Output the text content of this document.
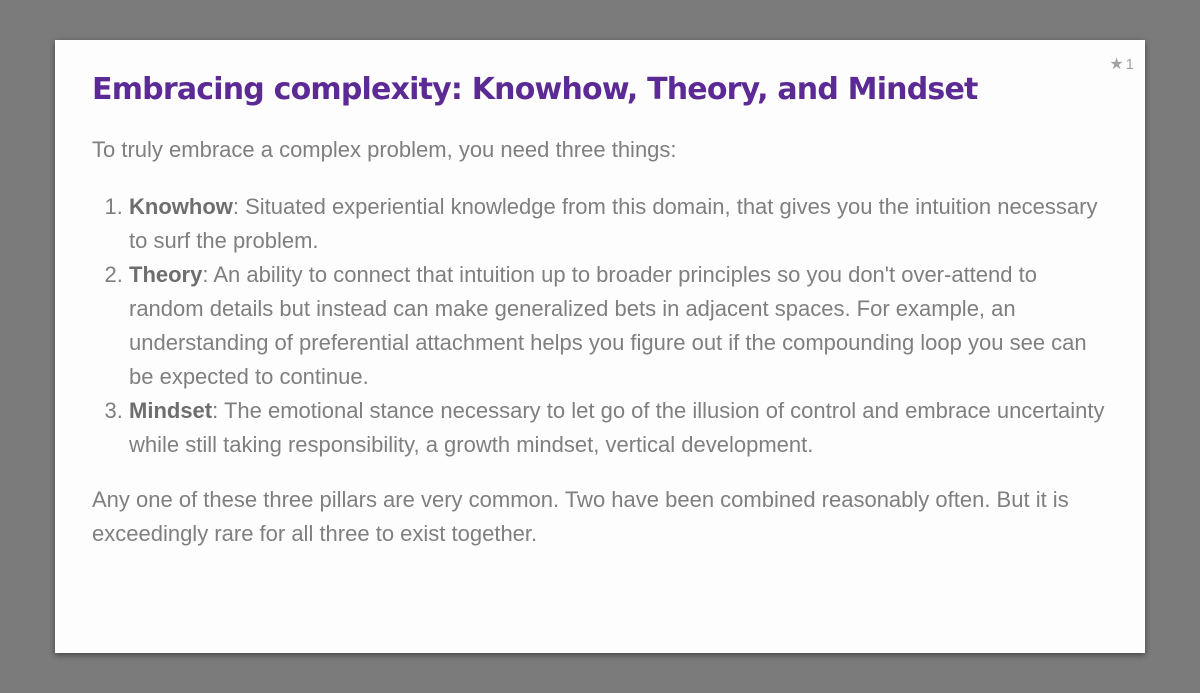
★ 1
Embracing complexity: Knowhow, Theory, and Mindset

To truly embrace a complex problem, you need three things:

1. Knowhow: Situated experiential knowledge from this domain, that gives you the intuition necessary to surf the problem.
2. Theory: An ability to connect that intuition up to broader principles so you don't over-attend to random details but instead can make generalized bets in adjacent spaces. For example, an understanding of preferential attachment helps you figure out if the compounding loop you see can be expected to continue.
3. Mindset: The emotional stance necessary to let go of the illusion of control and embrace uncertainty while still taking responsibility, a growth mindset, vertical development.

Any one of these three pillars are very common. Two have been combined reasonably often. But it is exceedingly rare for all three to exist together.
